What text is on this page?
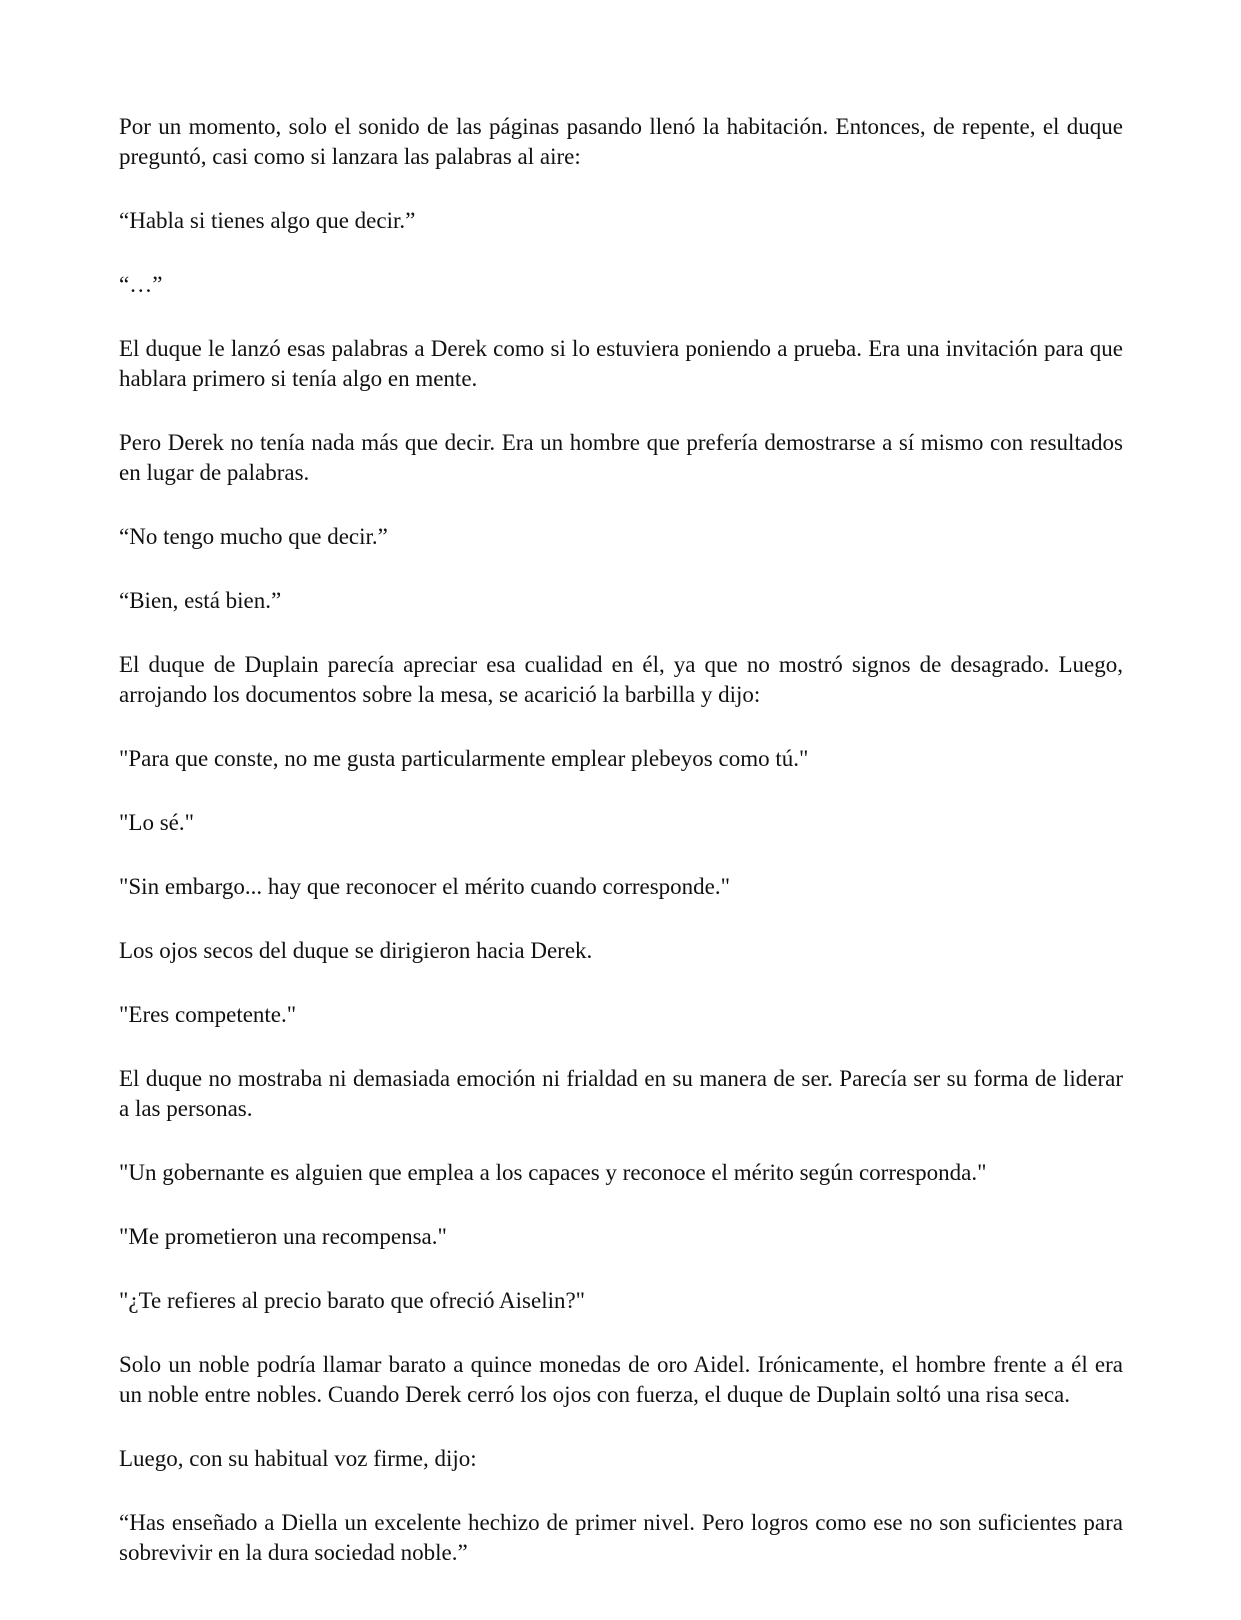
Por un momento, solo el sonido de las páginas pasando llenó la habitación. Entonces, de repente, el duque preguntó, casi como si lanzara las palabras al aire:

“Habla si tienes algo que decir.”

“…”

El duque le lanzó esas palabras a Derek como si lo estuviera poniendo a prueba. Era una invitación para que hablara primero si tenía algo en mente.

Pero Derek no tenía nada más que decir. Era un hombre que prefería demostrarse a sí mismo con resultados en lugar de palabras.

“No tengo mucho que decir.”

“Bien, está bien.”

El duque de Duplain parecía apreciar esa cualidad en él, ya que no mostró signos de desagrado. Luego, arrojando los documentos sobre la mesa, se acarició la barbilla y dijo:

"Para que conste, no me gusta particularmente emplear plebeyos como tú."

"Lo sé."

"Sin embargo... hay que reconocer el mérito cuando corresponde."

Los ojos secos del duque se dirigieron hacia Derek.

"Eres competente."

El duque no mostraba ni demasiada emoción ni frialdad en su manera de ser. Parecía ser su forma de liderar a las personas.

"Un gobernante es alguien que emplea a los capaces y reconoce el mérito según corresponda."

"Me prometieron una recompensa."

"¿Te refieres al precio barato que ofreció Aiselin?"

Solo un noble podría llamar barato a quince monedas de oro Aidel. Irónicamente, el hombre frente a él era un noble entre nobles. Cuando Derek cerró los ojos con fuerza, el duque de Duplain soltó una risa seca.

Luego, con su habitual voz firme, dijo:

“Has enseñado a Diella un excelente hechizo de primer nivel. Pero logros como ese no son suficientes para sobrevivir en la dura sociedad noble.”
